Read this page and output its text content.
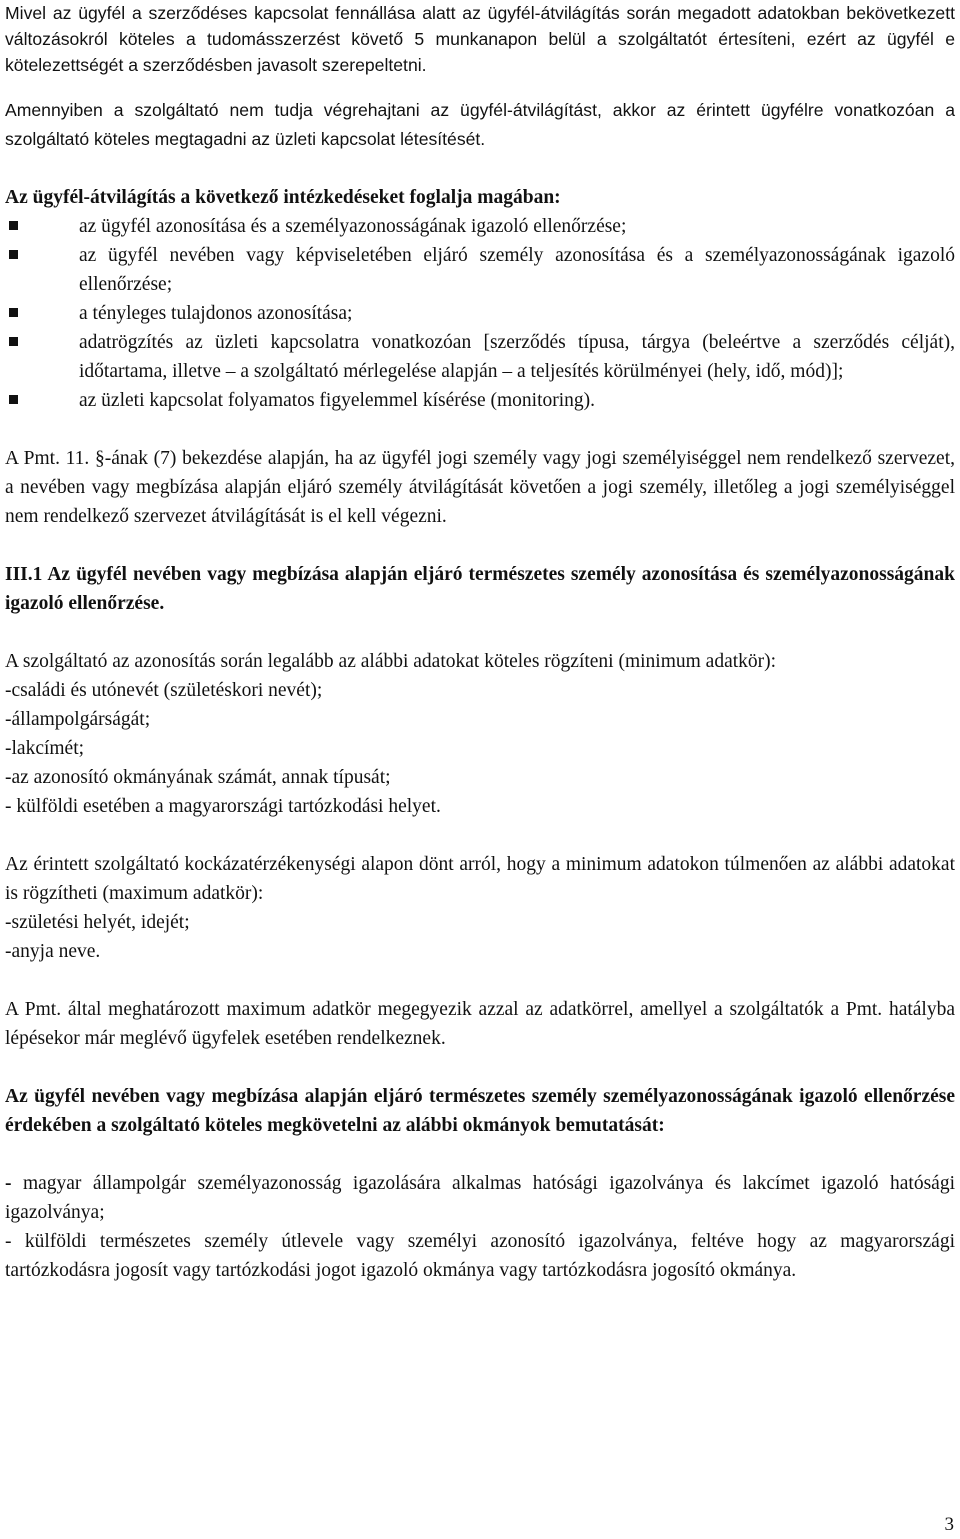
Mivel az ügyfél a szerződéses kapcsolat fennállása alatt az ügyfél-átvilágítás során megadott adatokban bekövetkezett változásokról köteles a tudomásszerzést követő 5 munkanapon belül a szolgáltatót értesíteni, ezért az ügyfél e kötelezettségét a szerződésben javasolt szerepeltetni.

Amennyiben a szolgáltató nem tudja végrehajtani az ügyfél-átvilágítást, akkor az érintett ügyfélre vonatkozóan a szolgáltató köteles megtagadni az üzleti kapcsolat létesítését.

Az ügyfél-átvilágítás a következő intézkedéseket foglalja magában:

az ügyfél azonosítása és a személyazonosságának igazoló ellenőrzése;
az ügyfél nevében vagy képviseletében eljáró személy azonosítása és a személyazonosságának igazoló ellenőrzése;
a tényleges tulajdonos azonosítása;
adatrögzítés az üzleti kapcsolatra vonatkozóan [szerződés típusa, tárgya (beleértve a szerződés célját), időtartama, illetve – a szolgáltató mérlegelése alapján – a teljesítés körülményei (hely, idő, mód)];
az üzleti kapcsolat folyamatos figyelemmel kísérése (monitoring).

A Pmt. 11. §-ának (7) bekezdése alapján, ha az ügyfél jogi személy vagy jogi személyiséggel nem rendelkező szervezet, a nevében vagy megbízása alapján eljáró személy átvilágítását követően a jogi személy, illetőleg a jogi személyiséggel nem rendelkező szervezet átvilágítását is el kell végezni.

III.1 Az ügyfél nevében vagy megbízása alapján eljáró természetes személy azonosítása és személyazonosságának igazoló ellenőrzése.

A szolgáltató az azonosítás során legalább az alábbi adatokat köteles rögzíteni (minimum adatkör):

-családi és utónevét (születéskori nevét);

-állampolgárságát;

-lakcímét;

-az azonosító okmányának számát, annak típusát;

- külföldi esetében a magyarországi tartózkodási helyet.

Az érintett szolgáltató kockázatérzékenységi alapon dönt arról, hogy a minimum adatokon túlmenően az alábbi adatokat is rögzítheti (maximum adatkör):

-születési helyét, idejét;

-anyja neve.

A Pmt. által meghatározott maximum adatkör megegyezik azzal az adatkörrel, amellyel a szolgáltatók a Pmt. hatályba lépésekor már meglévő ügyfelek esetében rendelkeznek.

Az ügyfél nevében vagy megbízása alapján eljáró természetes személy személyazonosságának igazoló ellenőrzése érdekében a szolgáltató köteles megkövetelni az alábbi okmányok bemutatását:

- magyar állampolgár személyazonosság igazolására alkalmas hatósági igazolványa és lakcímet igazoló hatósági igazolványa;

- külföldi természetes személy útlevele vagy személyi azonosító igazolványa, feltéve hogy az magyarországi tartózkodásra jogosít vagy tartózkodási jogot igazoló okmánya vagy tartózkodásra jogosító okmánya.

3
